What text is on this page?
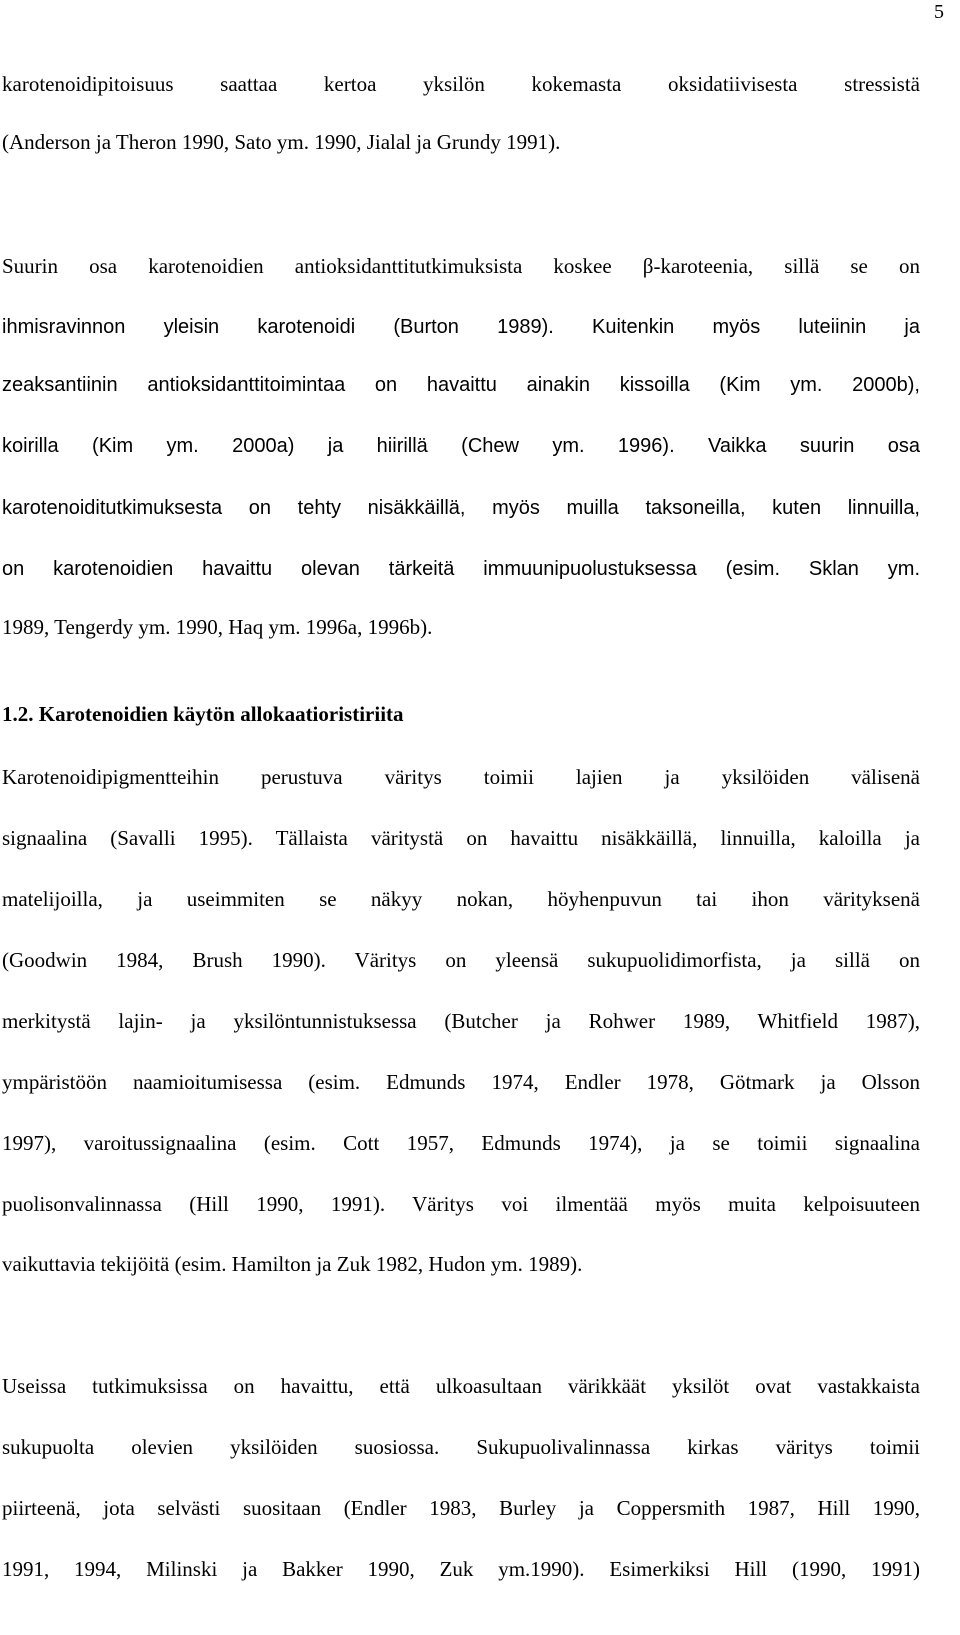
5
karotenoidipitoisuus saattaa kertoa yksilön kokemasta oksidatiivisesta stressistä
(Anderson ja Theron 1990, Sato ym. 1990, Jialal ja Grundy 1991).
Suurin osa karotenoidien antioksidanttitutkimuksista koskee β-karoteenia, sillä se on
ihmisravinnon yleisin karotenoidi (Burton 1989). Kuitenkin myös luteiinin ja
zeaksantiinin antioksidanttitoimintaa on havaittu ainakin kissoilla (Kim ym. 2000b),
koirilla (Kim ym. 2000a) ja hiirillä (Chew ym. 1996). Vaikka suurin osa
karotenoiditutkimuksesta on tehty nisäkkäillä, myös muilla taksoneilla, kuten linnuilla,
on karotenoidien havaittu olevan tärkeitä immuunipuolustuksessa (esim. Sklan ym.
1989, Tengerdy ym. 1990, Haq ym. 1996a, 1996b).
1.2. Karotenoidien käytön allokaatioristiriita
Karotenoidipigmentteihin perustuva väritys toimii lajien ja yksilöiden välisenä
signaalina (Savalli 1995). Tällaista väritystä on havaittu nisäkkäillä, linnuilla, kaloilla ja
matelijoilla, ja useimmiten se näkyy nokan, höyhenpuvun tai ihon värityksenä
(Goodwin 1984, Brush 1990). Väritys on yleensä sukupuolidimorfista, ja sillä on
merkitystä lajin- ja yksilöntunnistuksessa (Butcher ja Rohwer 1989, Whitfield 1987),
ympäristöön naamioitumisessa (esim. Edmunds 1974, Endler 1978, Götmark ja Olsson
1997), varoitussignaalina (esim. Cott 1957, Edmunds 1974), ja se toimii signaalina
puolisonvalinnassa (Hill 1990, 1991). Väritys voi ilmentää myös muita kelpoisuuteen
vaikuttavia tekijöitä (esim. Hamilton ja Zuk 1982, Hudon ym. 1989).
Useissa tutkimuksissa on havaittu, että ulkoasultaan värikkäät yksilöt ovat vastakkaista
sukupuolta olevien yksilöiden suosiossa. Sukupuolivalinnassa kirkas väritys toimii
piirteenä, jota selvästi suositaan (Endler 1983, Burley ja Coppersmith 1987, Hill 1990,
1991, 1994, Milinski ja Bakker 1990, Zuk ym.1990). Esimerkiksi Hill (1990, 1991)
